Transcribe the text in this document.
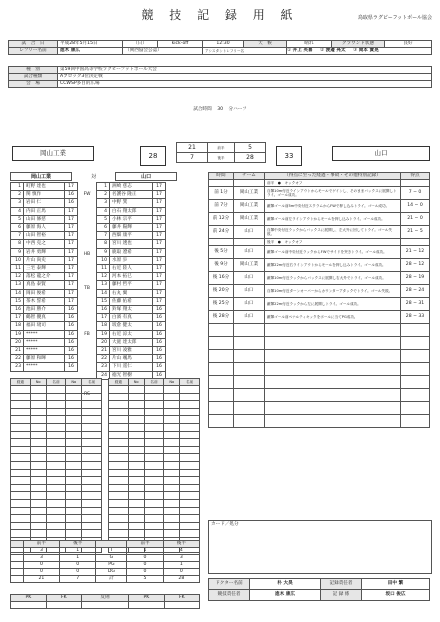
競 技 記 録 用 紙	鳥取県ラグビーフットボール協会
試　合　日	平成28年5月15日	（日）	kick-off	12:30	天　候	晴れ	グラウンド状態	良好
レフリー名前	進木 康広	（関西協会公認）		アシスタントレフリー名		① 井上 英喜 ② 渡邊 亮太 ③ 岡本 貴晃		
種　別	第59回中国高等学校ラグビーフットボール大会
試合種類	Aブロック3位決定戦
会　場	CCWSP多目的広場
試合時間 30 分ハーフ
岡山工業	28
21	前半	5
7	後半	28	33	山口
岡山工業	対	山口
1	町野 達也	17
2	関 慎作	16
3	岩田 仁	16
4	内田 正馬	17
5	山田 修慈	17
6	藤原 海人	17
7	山田 智裕	17
8	中西 克之	17
9	岩井 勇輝	17
10	片山 尚史	17
11	三宅 泰輝	17
12	落松 龍之介	17
13	真島 泰賢	17
14	岡田 俊希	17
15	茶木 誓希	17
16	池田 勝介	16
17	鶴智 優真	16
18	福田 琉司	16
19	*****	16
20	*****	16
21	*****	16
22	藤原 和暉	16
23	*****	16
FW
HB
TB
FB
RS
1	洲崎 慈志	17
2	名護谷 隆正	17
3	中野 巽	17
4	白石 翔太郎	17
5	小林 宗平	17
6	藤井 陽輝	17
7	西畑 康平	17
8	宮川 透也	17
9	鹿取 遼希	17
10	水原 歩	17
11	右近 陸人	17
12	河本 拓巳	17
13	藤村 哲平	17
14	右丸 翼	17
15	佐藤 佑希	17
16	鈴塚 翔太	16
17	白濱 有真	16
18	坂倉 健太	16
19	右近 涼太	16
20	大庭 達太郎	16
21	宮川 凌雅	16
22	片山 颯馬	16
23	下川 遥仁	16
24	徳光 智樹	16
時間	チーム	（得点に至った経過・事故・その他特別記録）	得点
		前半　●　キックオフ	
前 1分	岡山工業	自陣10m付近ラインアウトからモールでゲインし、そのままバックスに展開しトライ。ゴール成功。	7 − 0
前 7分	岡山工業	敵陣ゴール前5m中央付近スクラムからFWで押し込みトライ。ゴール成功。	14 − 0
前 12分	岡山工業	敵陣ゴール前左ラインアウトからモールを押し込みトライ。ゴール成功。	21 − 0
前 24分	山口	自陣中央付近ラックからバックスに展開し、左大外に回してトライ。ゴール失敗。	21 − 5
		後半　●　キックオフ	
後 5分	山口	敵陣ゴール前中央付近ラックからFWでサイドを突きトライ。ゴール成功。	21 − 12
後 9分	岡山工業	敵陣22m付近右ラインアウトからモールを押し込みトライ。ゴール成功。	28 − 12
後 16分	山口	敵陣10m付近ラックからバックスに展開し右大外でトライ。ゴール成功。	28 − 19
後 20分	山口	自陣10m付近ターンオーバーからカウンターアタックでトライ。ゴール失敗。	28 − 24
後 25分	山口	敵陣22m付近ラックから左に展開しトライ。ゴール成功。	28 − 31
後 28分	山口	敵陣ゴール前ペナルティキックをポールに当てPG成功。	28 − 33

経過	No	名前	No	名前

					経過	No	名前	No	名前

	前半	後半		前半	後半
	3	1	T	1	4
	3	1	G	0	3
	0	0	PG	0	1
	0	0	DG	0	0
	21	7	計	5	28
PK	FK	反則	PK	FK

カード／処分
ドクター名前	朴 大昊	記録責任者	田中 繁
競技責任者	進木 康広	記 録 係	坂口 俊広
